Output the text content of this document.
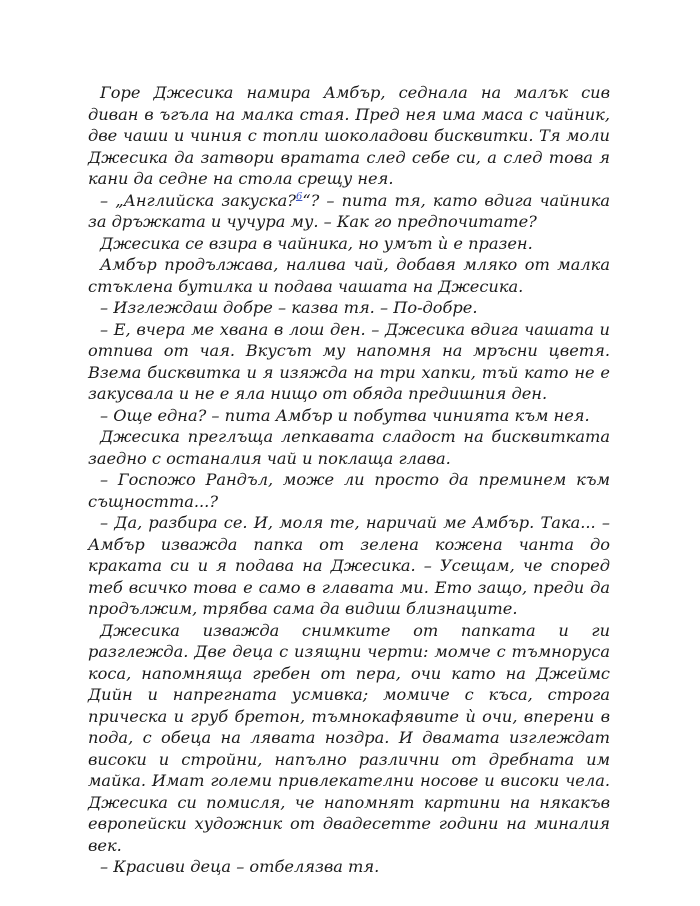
Горе Джесика намира Амбър, седнала на малък сив диван в ъгъла на малка стая. Пред нея има маса с чайник, две чаши и чиния с топли шоколадови бисквитки. Тя моли Джесика да затвори вратата след себе си, а след това я кани да седне на стола срещу нея.

– „Английска закуска?$^6$“? – пита тя, като вдига чайника за дръжката и чучура му. – Как го предпочитате?

Джесика се взира в чайника, но умът ѝ е празен.

Амбър продължава, налива чай, добавя мляко от малка стъклена бутилка и подава чашата на Джесика.

– Изглеждаш добре – казва тя. – По-добре.

– Е, вчера ме хвана в лош ден. – Джесика вдига чашата и отпива от чая. Вкусът му напомня на мръсни цветя. Взема бисквитка и я изяжда на три хапки, тъй като не е закусвала и не е яла нищо от обяда предишния ден.

– Още една? – пита Амбър и побутва чинията към нея.

Джесика преглъща лепкавата сладост на бисквитката заедно с останалия чай и поклаща глава.

– Госпожо Рандъл, може ли просто да преминем към същността...?

– Да, разбира се. И, моля те, наричай ме Амбър. Така... – Амбър изважда папка от зелена кожена чанта до краката си и я подава на Джесика. – Усещам, че според теб всичко това е само в главата ми. Ето защо, преди да продължим, трябва сама да видиш близнаците.

Джесика изважда снимките от папката и ги разглежда. Две деца с изящни черти: момче с тъмноруса коса, напомняща гребен от пера, очи като на Джеймс Дийн и напрегната усмивка; момиче с къса, строга прическа и груб бретон, тъмнокафявите ѝ очи, вперени в пода, с обеца на лявата ноздра. И двамата изглеждат високи и стройни, напълно различни от дребната им майка. Имат големи привлекателни носове и високи чела. Джесика си помисля, че напомнят картини на някакъв европейски художник от двадесетте години на миналия век.

– Красиви деца – отбелязва тя.
